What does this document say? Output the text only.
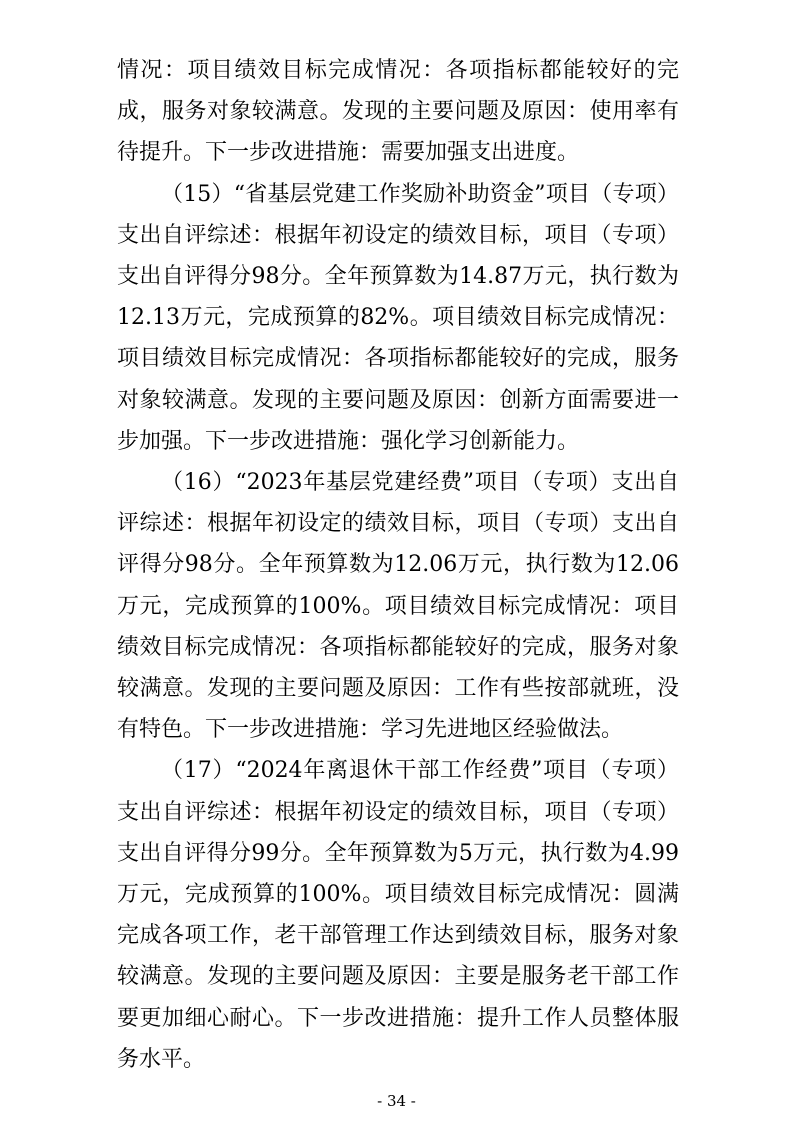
情况：项目绩效目标完成情况：各项指标都能较好的完成，服务对象较满意。发现的主要问题及原因：使用率有待提升。下一步改进措施：需要加强支出进度。

（15）“省基层党建工作奖励补助资金”项目（专项）支出自评综述：根据年初设定的绩效目标，项目（专项）支出自评得分98分。全年预算数为14.87万元，执行数为12.13万元，完成预算的82%。项目绩效目标完成情况：项目绩效目标完成情况：各项指标都能较好的完成，服务对象较满意。发现的主要问题及原因：创新方面需要进一步加强。下一步改进措施：强化学习创新能力。

（16）“2023年基层党建经费”项目（专项）支出自评综述：根据年初设定的绩效目标，项目（专项）支出自评得分98分。全年预算数为12.06万元，执行数为12.06万元，完成预算的100%。项目绩效目标完成情况：项目绩效目标完成情况：各项指标都能较好的完成，服务对象较满意。发现的主要问题及原因：工作有些按部就班，没有特色。下一步改进措施：学习先进地区经验做法。

（17）“2024年离退休干部工作经费”项目（专项）支出自评综述：根据年初设定的绩效目标，项目（专项）支出自评得分99分。全年预算数为5万元，执行数为4.99万元，完成预算的100%。项目绩效目标完成情况：圆满完成各项工作，老干部管理工作达到绩效目标，服务对象较满意。发现的主要问题及原因：主要是服务老干部工作要更加细心耐心。下一步改进措施：提升工作人员整体服务水平。

- 34 -
